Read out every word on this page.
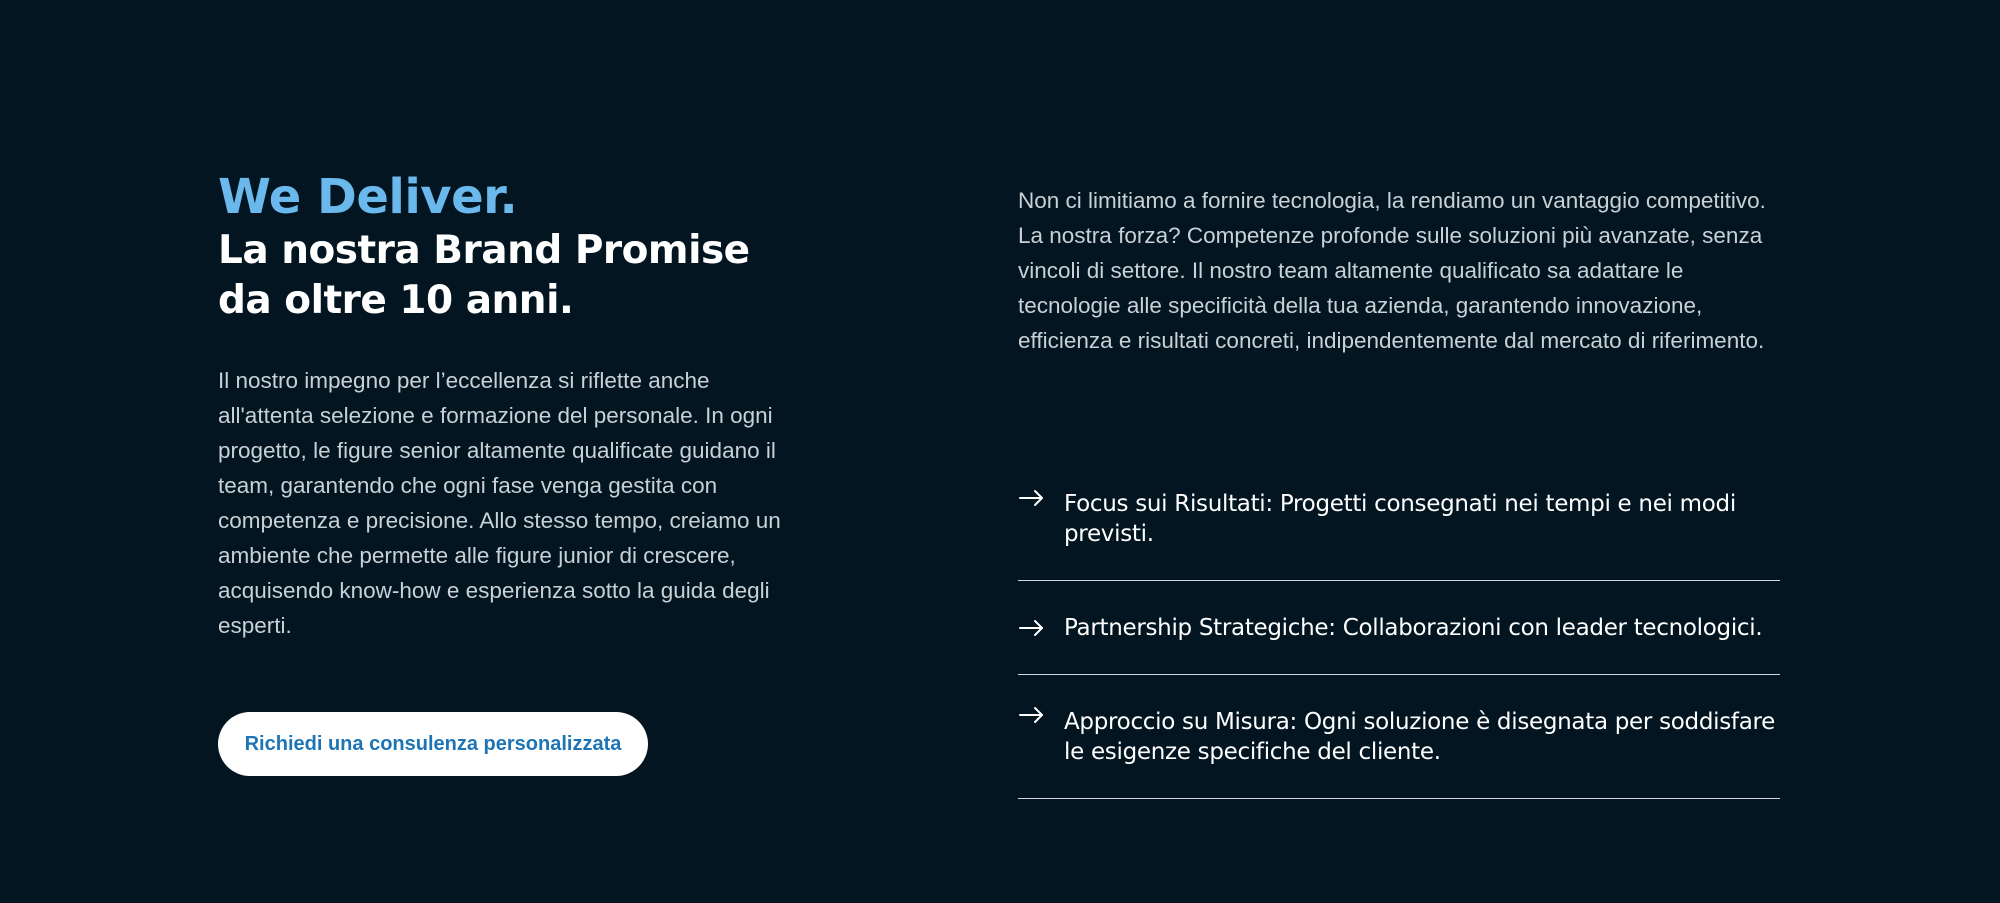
We Deliver.
La nostra Brand Promise da oltre 10 anni.

Il nostro impegno per l’eccellenza si riflette anche all'attenta selezione e formazione del personale. In ogni progetto, le figure senior altamente qualificate guidano il team, garantendo che ogni fase venga gestita con competenza e precisione. Allo stesso tempo, creiamo un ambiente che permette alle figure junior di crescere, acquisendo know-how e esperienza sotto la guida degli esperti.

Richiedi una consulenza personalizzata

Non ci limitiamo a fornire tecnologia, la rendiamo un vantaggio competitivo. La nostra forza? Competenze profonde sulle soluzioni più avanzate, senza vincoli di settore. Il nostro team altamente qualificato sa adattare le tecnologie alle specificità della tua azienda, garantendo innovazione, efficienza e risultati concreti, indipendentemente dal mercato di riferimento.

Focus sui Risultati: Progetti consegnati nei tempi e nei modi previsti.
Partnership Strategiche: Collaborazioni con leader tecnologici.
Approccio su Misura: Ogni soluzione è disegnata per soddisfare le esigenze specifiche del cliente.
